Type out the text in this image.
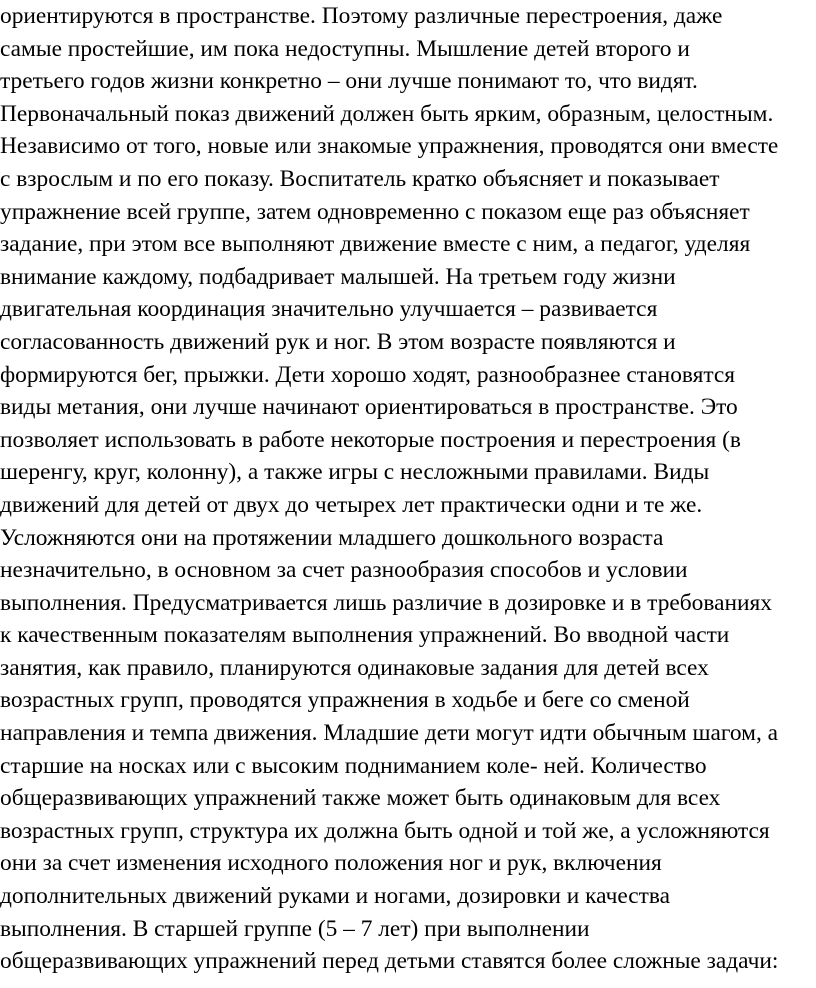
ориентируются в пространстве. Поэтому различные перестроения, даже
самые простейшие, им пока недоступны. Мышление детей второго и
третьего годов жизни конкретно – они лучше понимают то, что видят.
Первоначальный показ движений должен быть ярким, образным, целостным.
Независимо от того, новые или знакомые упражнения, проводятся они вместе
с взрослым и по его показу. Воспитатель кратко объясняет и показывает
упражнение всей группе, затем одновременно с показом еще раз объясняет
задание, при этом все выполняют движение вместе с ним, а педагог, уделяя
внимание каждому, подбадривает малышей. На третьем году жизни
двигательная координация значительно улучшается – развивается
согласованность движений рук и ног. В этом возрасте появляются и
формируются бег, прыжки. Дети хорошо ходят, разнообразнее становятся
виды метания, они лучше начинают ориентироваться в пространстве. Это
позволяет использовать в работе некоторые построения и перестроения (в
шеренгу, круг, колонну), а также игры с несложными правилами. Виды
движений для детей от двух до четырех лет практически одни и те же.
Усложняются они на протяжении младшего дошкольного возраста
незначительно, в основном за счет разнообразия способов и условии
выполнения. Предусматривается лишь различие в дозировке и в требованиях
к качественным показателям выполнения упражнений. Во вводной части
занятия, как правило, планируются одинаковые задания для детей всех
возрастных групп, проводятся упражнения в ходьбе и беге со сменой
направления и темпа движения. Младшие дети могут идти обычным шагом, а
старшие на носках или с высоким подниманием коле- ней. Количество
общеразвивающих упражнений также может быть одинаковым для всех
возрастных групп, структура их должна быть одной и той же, а усложняются
они за счет изменения исходного положения ног и рук, включения
дополнительных движений руками и ногами, дозировки и качества
выполнения. В старшей группе (5 – 7 лет) при выполнении
общеразвивающих упражнений перед детьми ставятся более сложные задачи:
